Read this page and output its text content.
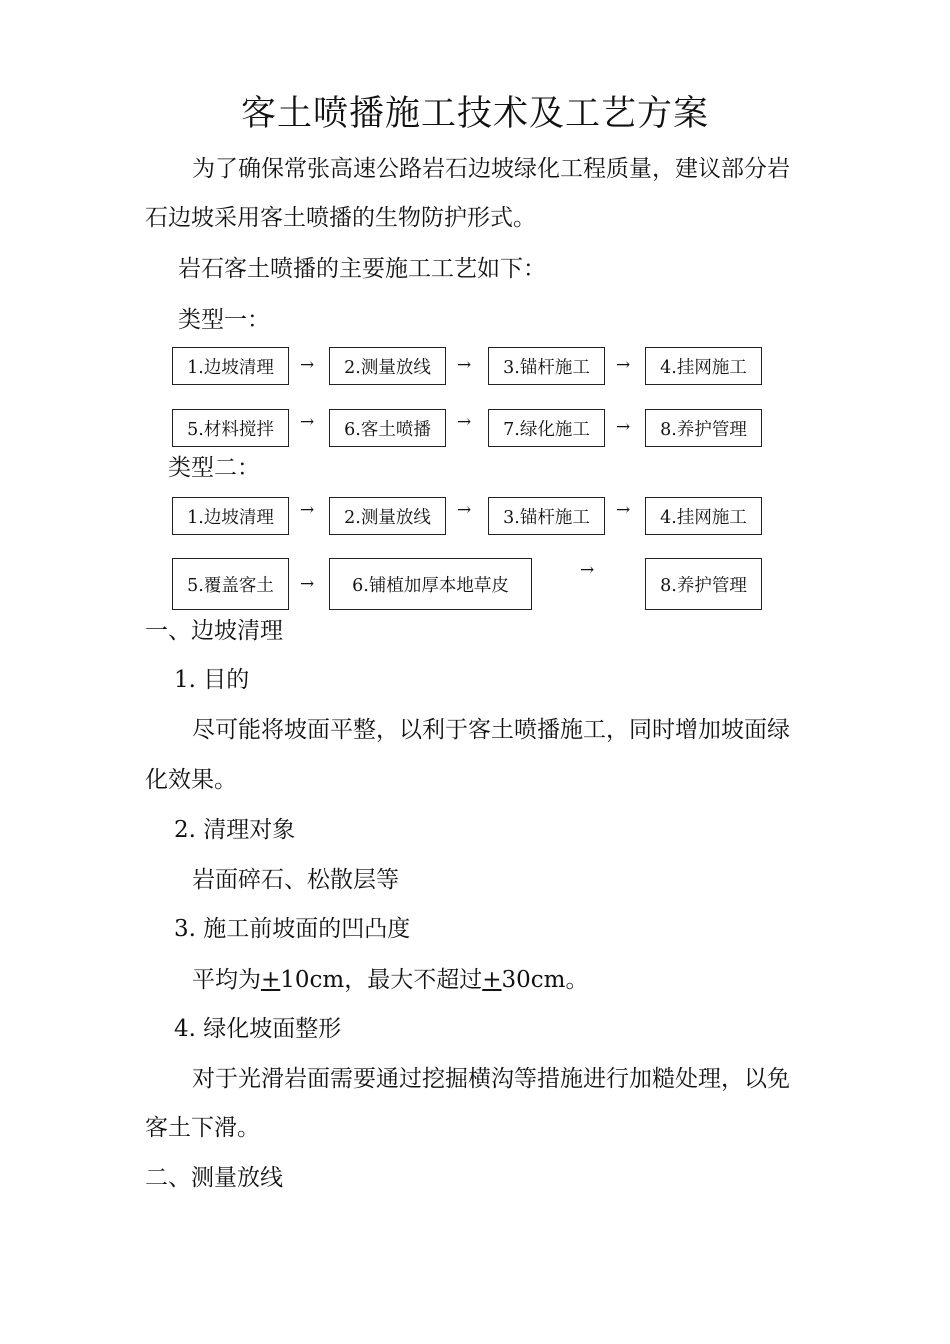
客土喷播施工技术及工艺方案
为了确保常张高速公路岩石边坡绿化工程质量，建议部分岩
石边坡采用客土喷播的生物防护形式。
岩石客土喷播的主要施工工艺如下：
类型一：
1.边坡清理	→	2.测量放线	→	3.锚杆施工	→	4.挂网施工
5.材料搅拌	→	6.客土喷播	→	7.绿化施工	→	8.养护管理
类型二：
1.边坡清理	→	2.测量放线	→	3.锚杆施工	→	4.挂网施工
5.覆盖客土	→	6.铺植加厚本地草皮
→
8.养护管理
一、边坡清理
1. 目的
尽可能将坡面平整，以利于客土喷播施工，同时增加坡面绿
化效果。
2. 清理对象
岩面碎石、松散层等
3. 施工前坡面的凹凸度
平均为+10cm，最大不超过+30cm。
4. 绿化坡面整形
对于光滑岩面需要通过挖掘横沟等措施进行加糙处理，以免
客土下滑。
二、测量放线
